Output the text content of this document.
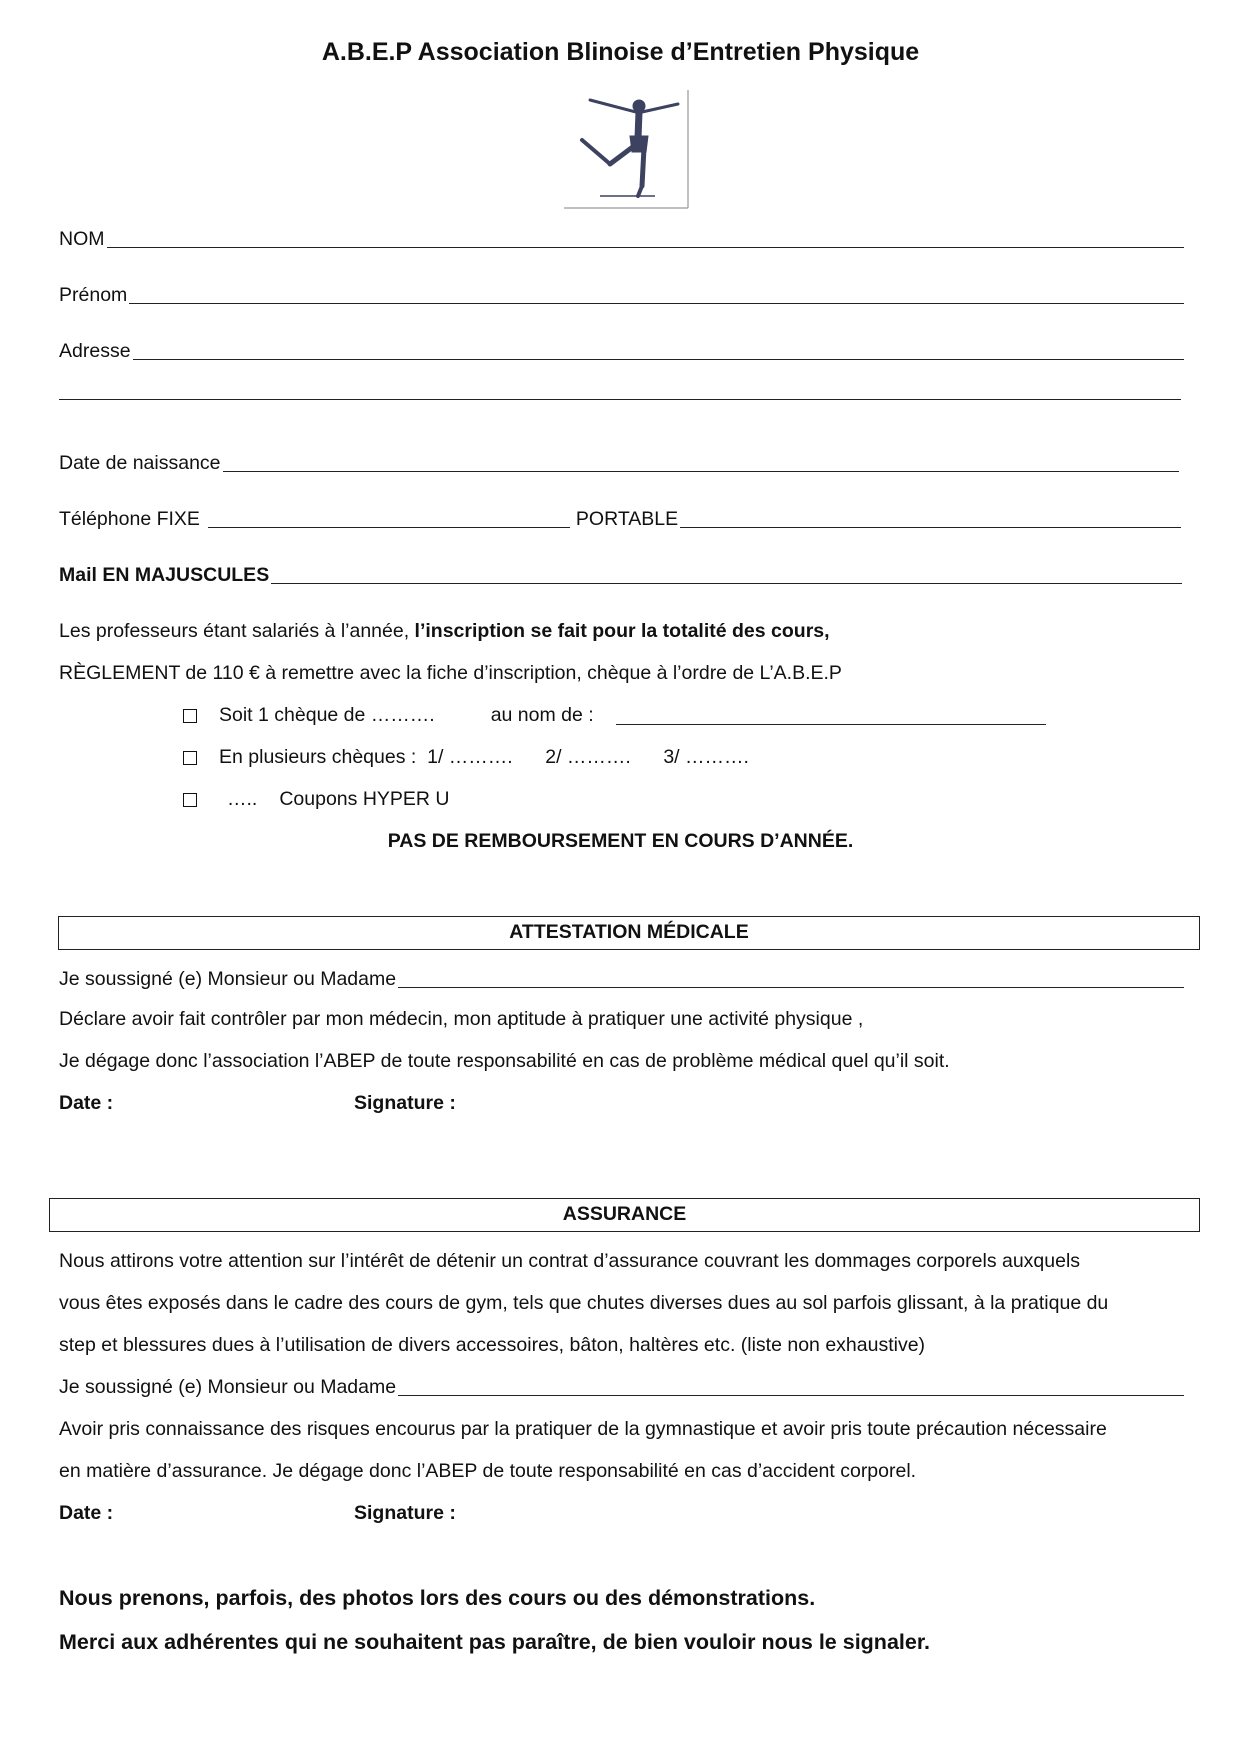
A.B.E.P Association Blinoise d’Entretien Physique
NOM
Prénom
Adresse
Date de naissance
Téléphone FIXE	PORTABLE
Mail EN MAJUSCULES
Les professeurs étant salariés à l’année, l’inscription se fait pour la totalité des cours,
RÈGLEMENT de 110 € à remettre avec la fiche d’inscription, chèque à l’ordre de L’A.B.E.P
Soit 1 chèque de ……….	au nom de :
En plusieurs chèques :  1/ ……….      2/ ……….      3/ ……….
….. Coupons HYPER U
PAS DE REMBOURSEMENT EN COURS D’ANNÉE.
ATTESTATION MÉDICALE
Je soussigné (e) Monsieur ou Madame
Déclare avoir fait contrôler par mon médecin, mon aptitude à pratiquer une activité physique ,
Je dégage donc l’association l’ABEP de toute responsabilité en cas de problème médical quel qu’il soit.
Date :	Signature :
ASSURANCE
Nous attirons votre attention sur l’intérêt de détenir un contrat d’assurance couvrant les dommages corporels auxquels
vous êtes exposés dans le cadre des cours de gym, tels que chutes diverses dues au sol parfois glissant, à la pratique du
step et blessures dues à l’utilisation de divers accessoires, bâton, haltères etc. (liste non exhaustive)
Je soussigné (e) Monsieur ou Madame
Avoir pris connaissance des risques encourus par la pratiquer de la gymnastique et avoir pris toute précaution nécessaire
en matière d’assurance. Je dégage donc l’ABEP de toute responsabilité en cas d’accident corporel.
Date :	Signature :
Nous prenons, parfois, des photos lors des cours ou des démonstrations.
Merci aux adhérentes qui ne souhaitent pas paraître, de bien vouloir nous le signaler.
